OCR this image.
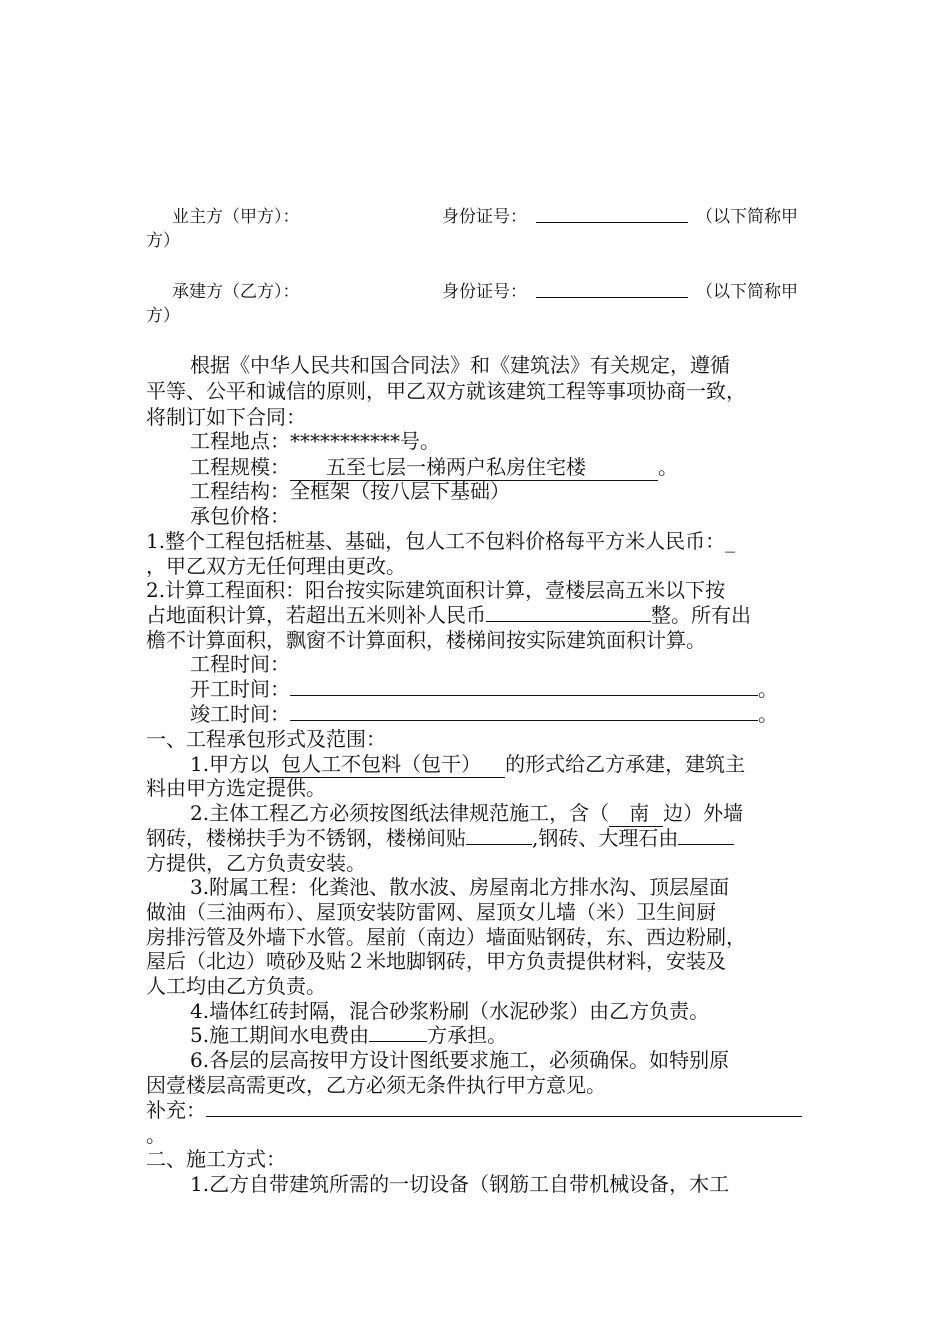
业主方（甲方）：	身份证号：	（以下简称甲
方）
承建方（乙方）：	身份证号：	（以下简称甲
方）
根据《中华人民共和国合同法》和《建筑法》有关规定，遵循
平等、公平和诚信的原则，甲乙双方就该建筑工程等事项协商一致，
将制订如下合同：
工程地点：***********号。
工程规模： 五至七层一梯两户私房住宅楼	。
工程结构：全框架（按八层下基础）
承包价格：
1.整个工程包括桩基、基础，包人工不包料价格每平方米人民币：_
，甲乙双方无任何理由更改。
2.计算工程面积：阳台按实际建筑面积计算，壹楼层高五米以下按
占地面积计算，若超出五米则补人民币	整。所有出
檐不计算面积，飘窗不计算面积，楼梯间按实际建筑面积计算。
工程时间：
开工时间：	。
竣工时间：	。
一、工程承包形式及范围：
1.甲方以 包人工不包料（包干） 的形式给乙方承建，建筑主
料由甲方选定提供。
2.主体工程乙方必须按图纸法律规范施工，含（ 南 边）外墙
钢砖，楼梯扶手为不锈钢，楼梯间贴	,钢砖、大理石由
方提供，乙方负责安装。
3.附属工程：化粪池、散水波、房屋南北方排水沟、顶层屋面
做油（三油两布）、屋顶安装防雷网、屋顶女儿墙（米）卫生间厨
房排污管及外墙下水管。屋前（南边）墙面贴钢砖，东、西边粉刷，
屋后（北边）喷砂及贴２米地脚钢砖，甲方负责提供材料，安装及
人工均由乙方负责。
4.墙体红砖封隔，混合砂浆粉刷（水泥砂浆）由乙方负责。
5.施工期间水电费由	方承担。
6.各层的层高按甲方设计图纸要求施工，必须确保。如特别原
因壹楼层高需更改，乙方必须无条件执行甲方意见。
补充：
。
二、施工方式：
1.乙方自带建筑所需的一切设备（钢筋工自带机械设备，木工
